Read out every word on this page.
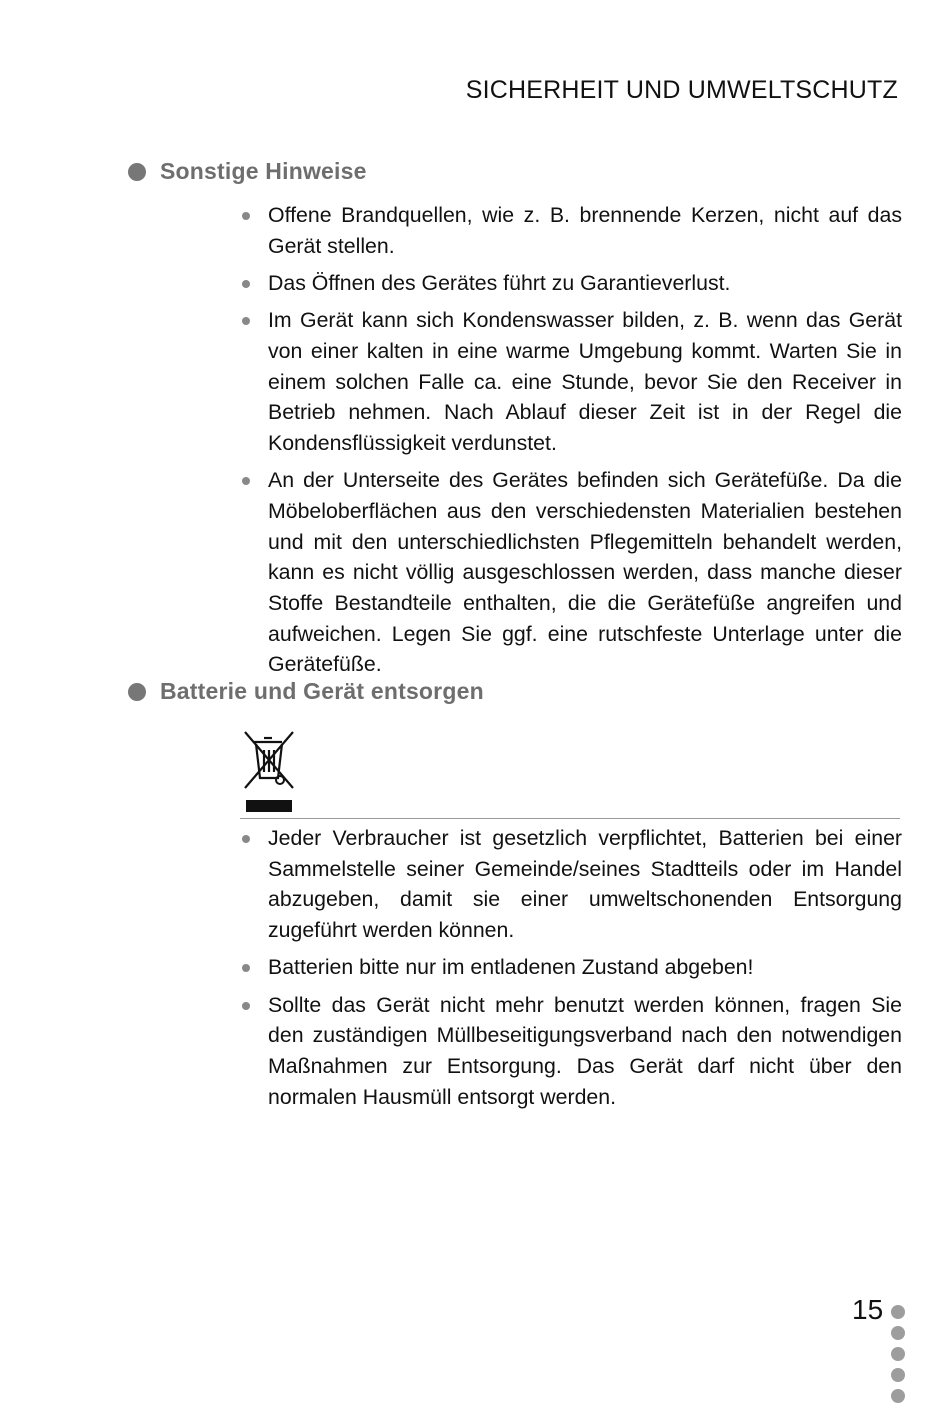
SICHERHEIT UND UMWELTSCHUTZ
Sonstige Hinweise
Offene Brandquellen, wie z. B. brennende Kerzen, nicht auf das Gerät stellen.
Das Öffnen des Gerätes führt zu Garantieverlust.
Im Gerät kann sich Kondenswasser bilden, z. B. wenn das Gerät von einer kalten in eine warme Umgebung kommt. Warten Sie in einem solchen Falle ca. eine Stunde, bevor Sie den Receiver in Betrieb nehmen. Nach Ablauf dieser Zeit ist in der Regel die Kondensflüssigkeit verdunstet.
An der Unterseite des Gerätes befinden sich Gerätefüße. Da die Möbeloberflächen aus den verschiedensten Materialien bestehen und mit den unterschiedlichsten Pflegemitteln behandelt werden, kann es nicht völlig ausgeschlossen werden, dass manche dieser Stoffe Bestandteile enthalten, die die Gerätefüße angreifen und aufweichen. Legen Sie ggf. eine rutschfeste Unterlage unter die Gerätefüße.
Batterie und Gerät entsorgen
Jeder Verbraucher ist gesetzlich verpflichtet, Batterien bei einer Sammelstelle seiner Gemeinde/seines Stadtteils oder im Handel abzugeben, damit sie einer umweltschonenden Entsorgung zugeführt werden können.
Batterien bitte nur im entladenen Zustand abgeben!
Sollte das Gerät nicht mehr benutzt werden können, fragen Sie den zuständigen Müllbeseitigungsverband nach den notwendigen Maßnahmen zur Entsorgung. Das Gerät darf nicht über den normalen Hausmüll entsorgt werden.
15
